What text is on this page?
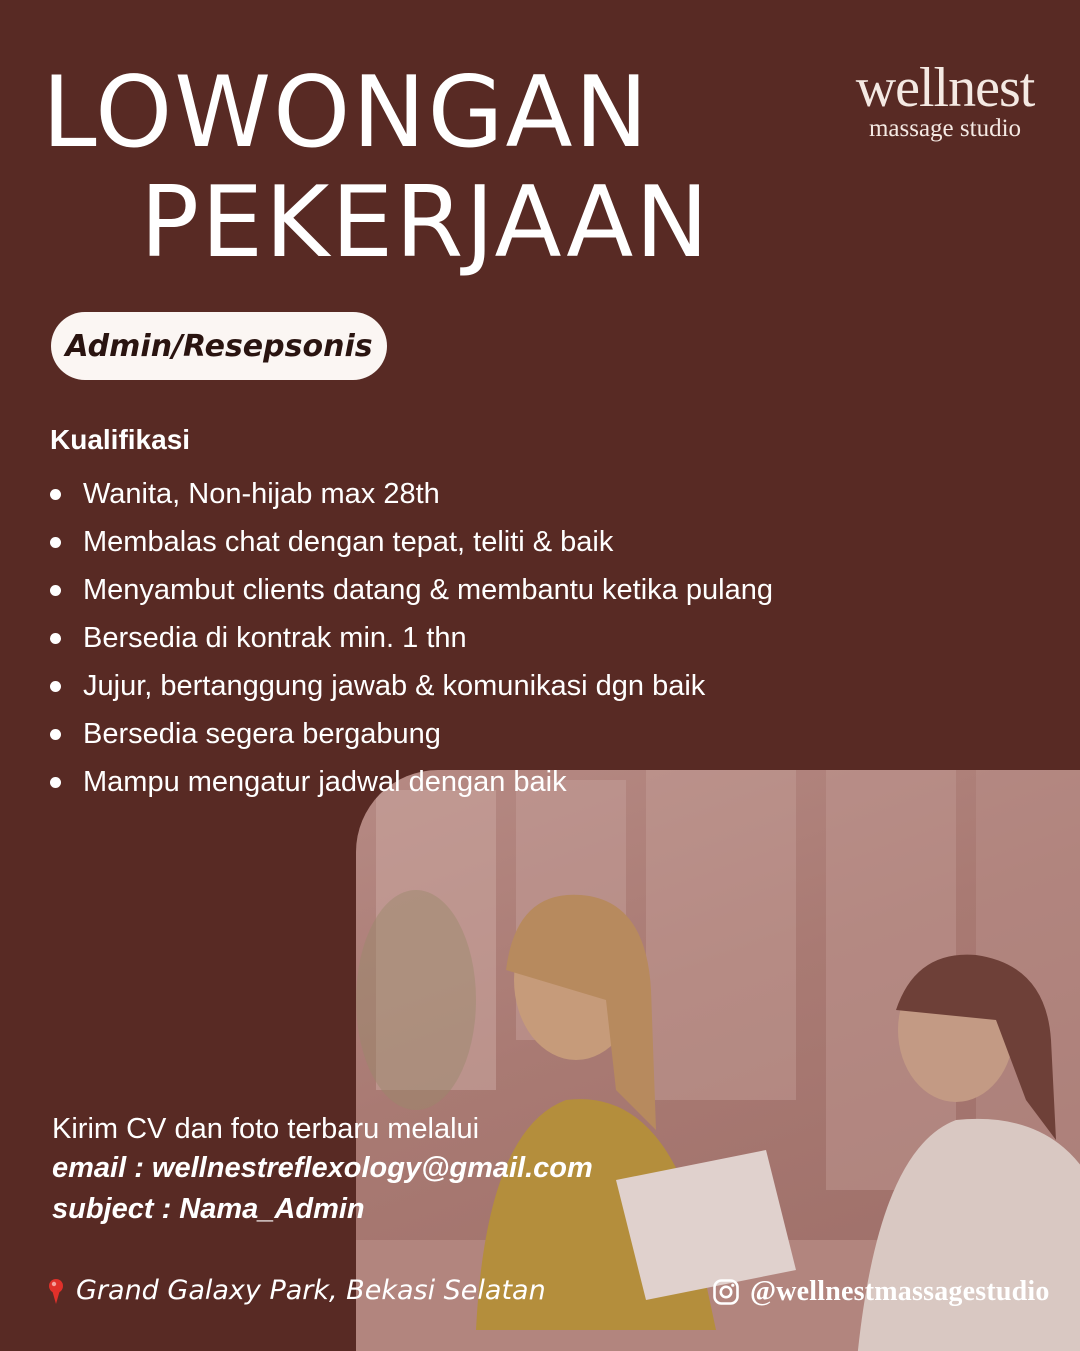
LOWONGAN
PEKERJAAN
wellnest
massage studio
Admin/Resepsonis
Kualifikasi
Wanita, Non-hijab max 28th
Membalas chat dengan tepat, teliti & baik
Menyambut clients datang & membantu ketika pulang
Bersedia di kontrak min. 1 thn
Jujur, bertanggung jawab & komunikasi dgn baik
Bersedia segera bergabung
Mampu mengatur jadwal dengan baik
Kirim CV dan foto terbaru melalui
email : wellnestreflexology@gmail.com
subject : Nama_Admin
Grand Galaxy Park, Bekasi Selatan	@wellnestmassagestudio
